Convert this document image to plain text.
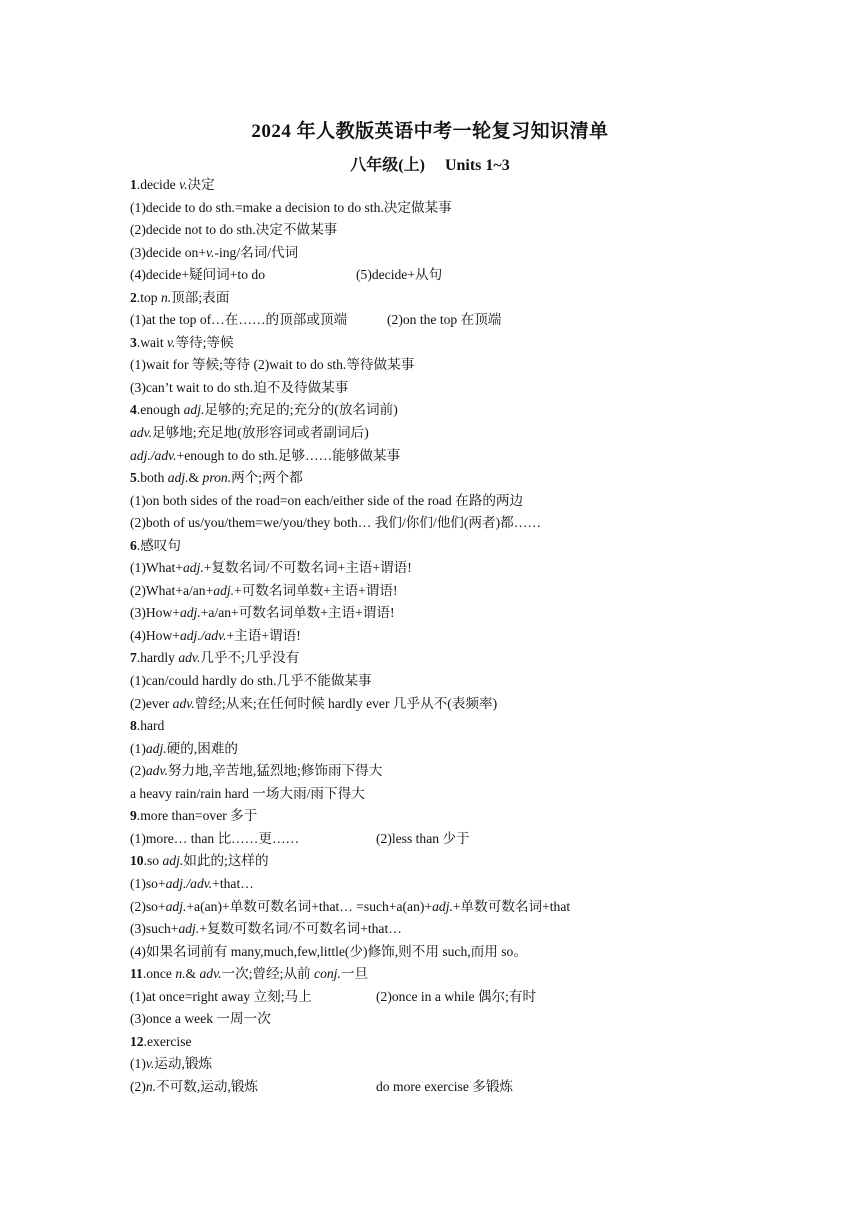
2024 年人教版英语中考一轮复习知识清单
八年级(上) Units 1~3
1.decide v.决定
(1)decide to do sth.=make a decision to do sth.决定做某事
(2)decide not to do sth.决定不做某事
(3)decide on+v.-ing/名词/代词
(4)decide+疑问词+to do	(5)decide+从句
2.top n.顶部;表面
(1)at the top of…在……的顶部或顶端	(2)on the top 在顶端
3.wait v.等待;等候
(1)wait for 等候;等待 (2)wait to do sth.等待做某事
(3)can’t wait to do sth.迫不及待做某事
4.enough adj.足够的;充足的;充分的(放名词前)
adv.足够地;充足地(放形容词或者副词后)
adj./adv.+enough to do sth.足够……能够做某事
5.both adj.& pron.两个;两个都
(1)on both sides of the road=on each/either side of the road 在路的两边
(2)both of us/you/them=we/you/they both… 我们/你们/他们(两者)都……
6.感叹句
(1)What+adj.+复数名词/不可数名词+主语+谓语!
(2)What+a/an+adj.+可数名词单数+主语+谓语!
(3)How+adj.+a/an+可数名词单数+主语+谓语!
(4)How+adj./adv.+主语+谓语!
7.hardly adv.几乎不;几乎没有
(1)can/could hardly do sth.几乎不能做某事
(2)ever adv.曾经;从来;在任何时候 hardly ever 几乎从不(表频率)
8.hard
(1)adj.硬的,困难的
(2)adv.努力地,辛苦地,猛烈地;修饰雨下得大
a heavy rain/rain hard 一场大雨/雨下得大
9.more than=over 多于
(1)more… than 比……更……	(2)less than 少于
10.so adj.如此的;这样的
(1)so+adj./adv.+that…
(2)so+adj.+a(an)+单数可数名词+that… =such+a(an)+adj.+单数可数名词+that
(3)such+adj.+复数可数名词/不可数名词+that…
(4)如果名词前有 many,much,few,little(少)修饰,则不用 such,而用 so。
11.once n.& adv.一次;曾经;从前 conj.一旦
(1)at once=right away 立刻;马上	(2)once in a while 偶尔;有时
(3)once a week 一周一次
12.exercise
(1)v.运动,锻炼
(2)n.不可数,运动,锻炼	do more exercise 多锻炼
